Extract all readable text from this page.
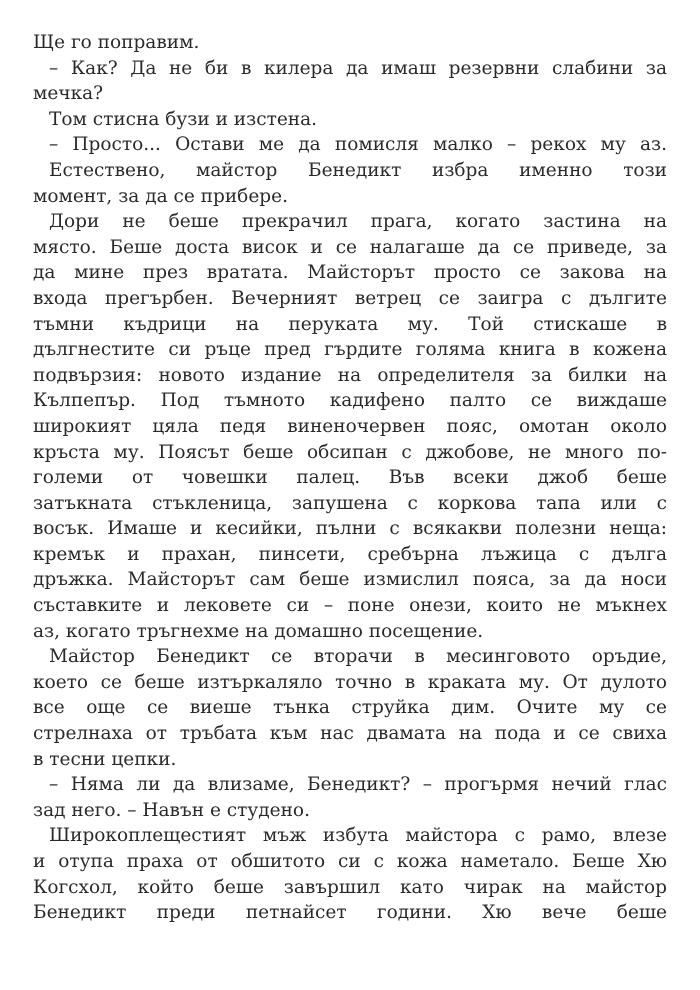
Ще го поправим.

– Как? Да не би в килера да имаш резервни слабини за

мечка?

Том стисна бузи и изстена.

– Просто... Остави ме да помисля малко – рекох му аз.

Естествено, майстор Бенедикт избра именно този

момент, за да се прибере.

Дори не беше прекрачил прага, когато застина на

място. Беше доста висок и се налагаше да се приведе, за

да мине през вратата. Майсторът просто се закова на

входа прегърбен. Вечерният ветрец се заигра с дългите

тъмни къдрици на перуката му. Той стискаше в

дългнестите си ръце пред гърдите голяма книга в кожена

подвързия: новото издание на определителя за билки на

Кълпепър. Под тъмното кадифено палто се виждаше

широкият цяла педя виненочервен пояс, омотан около

кръста му. Поясът беше обсипан с джобове, не много по-

големи от човешки палец. Във всеки джоб беше

затъкната стъкленица, запушена с коркова тапа или с

восък. Имаше и кесийки, пълни с всякакви полезни неща:

кремък и прахан, пинсети, сребърна лъжица с дълга

дръжка. Майсторът сам беше измислил пояса, за да носи

съставките и лековете си – поне онези, които не мъкнех

аз, когато тръгнехме на домашно посещение.

Майстор Бенедикт се вторачи в месинговото оръдие,

което се беше изтъркаляло точно в краката му. От дулото

все още се виеше тънка струйка дим. Очите му се

стрелнаха от тръбата към нас двамата на пода и се свиха

в тесни цепки.

– Няма ли да влизаме, Бенедикт? – прогърмя нечий глас

зад него. – Навън е студено.

Широкоплещестият мъж избута майстора с рамо, влезе

и отупа праха от обшитото си с кожа наметало. Беше Хю

Когсхол, който беше завършил като чирак на майстор

Бенедикт преди петнайсет години. Хю вече беше
